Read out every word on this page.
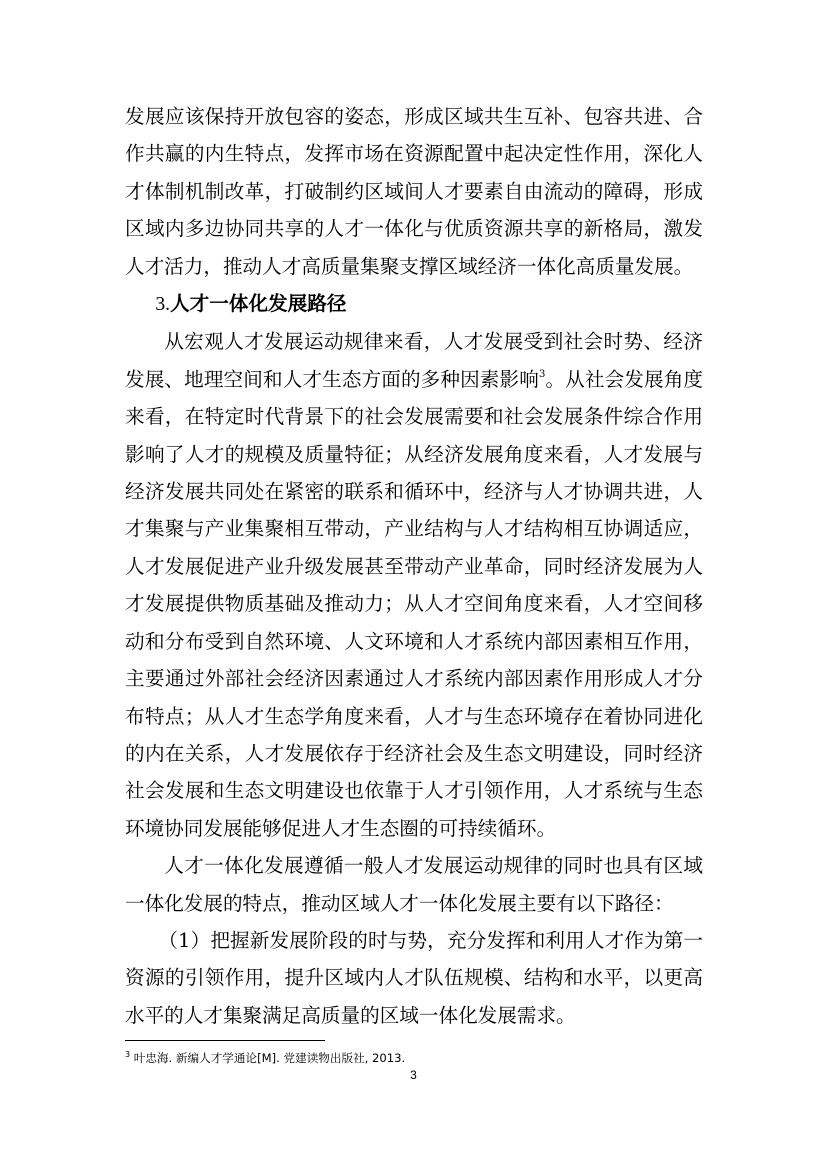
发展应该保持开放包容的姿态，形成区域共生互补、包容共进、合作共赢的内生特点，发挥市场在资源配置中起决定性作用，深化人才体制机制改革，打破制约区域间人才要素自由流动的障碍，形成区域内多边协同共享的人才一体化与优质资源共享的新格局，激发人才活力，推动人才高质量集聚支撑区域经济一体化高质量发展。

3.人才一体化发展路径

从宏观人才发展运动规律来看，人才发展受到社会时势、经济发展、地理空间和人才生态方面的多种因素影响$^3$。从社会发展角度来看，在特定时代背景下的社会发展需要和社会发展条件综合作用影响了人才的规模及质量特征；从经济发展角度来看，人才发展与经济发展共同处在紧密的联系和循环中，经济与人才协调共进，人才集聚与产业集聚相互带动，产业结构与人才结构相互协调适应，人才发展促进产业升级发展甚至带动产业革命，同时经济发展为人才发展提供物质基础及推动力；从人才空间角度来看，人才空间移动和分布受到自然环境、人文环境和人才系统内部因素相互作用，主要通过外部社会经济因素通过人才系统内部因素作用形成人才分布特点；从人才生态学角度来看，人才与生态环境存在着协同进化的内在关系，人才发展依存于经济社会及生态文明建设，同时经济社会发展和生态文明建设也依靠于人才引领作用，人才系统与生态环境协同发展能够促进人才生态圈的可持续循环。

人才一体化发展遵循一般人才发展运动规律的同时也具有区域一体化发展的特点，推动区域人才一体化发展主要有以下路径：

（1）把握新发展阶段的时与势，充分发挥和利用人才作为第一资源的引领作用，提升区域内人才队伍规模、结构和水平，以更高水平的人才集聚满足高质量的区域一体化发展需求。

$^3$ 叶忠海. 新编人才学通论[M]. 党建读物出版社, 2013.
3
